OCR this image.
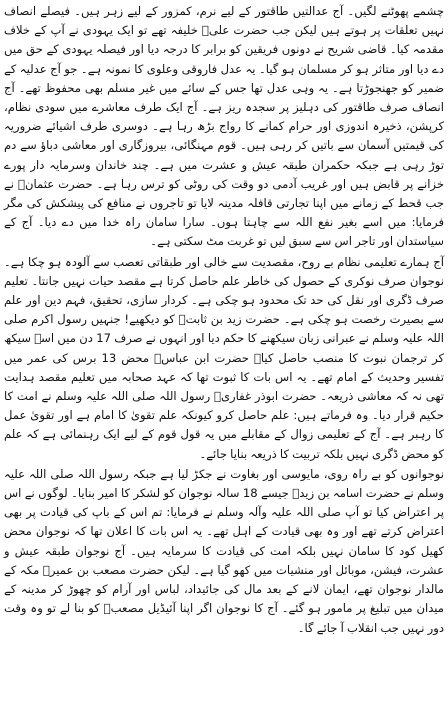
چشمے پھوٹنے لگیں۔ آج عدالتیں طاقتور کے لیے نرم، کمزور کے لیے زہر ہیں۔ فیصلے انصاف نہیں تعلقات پر ہوتے ہیں لیکن جب حضرت علیؓ خلیفہ تھے تو ایک یہودی نے آپ کے خلاف مقدمہ کیا۔ قاضی شریح نے دونوں فریقین کو برابر کا درجہ دیا اور فیصلہ یہودی کے حق میں دے دیا اور متاثر ہو کر مسلمان ہو گیا۔ یہ عدل فاروقی وعلوی کا نمونہ ہے۔ جو آج عدلیہ کے ضمیر کو جھنجوڑتا ہے۔ یہ وہی عدل تھا جس کے سائے میں غیر مسلم بھی محفوظ تھے۔ آج انصاف صرف طاقتور کی دہلیز پر سجدہ ریز ہے۔ آج ایک طرف معاشرے میں سودی نظام، کرپشن، ذخیرہ اندوزی اور حرام کمانے کا رواج بڑھ رہا ہے۔ دوسری طرف اشیائے ضروریہ کی قیمتیں آسمان سے باتیں کر رہی ہیں۔ قوم مہنگائی، بیروزگاری اور معاشی دباؤ سے دم توڑ رہی ہے جبکہ حکمران طبقہ عیش و عشرت میں ہے۔ چند خاندان وسرمایہ دار پورے خزانے پر قابض ہیں اور غریب آدمی دو وقت کی روٹی کو ترس رہا ہے۔ حضرت عثمانؓ نے جب قحط کے زمانے میں اپنا تجارتی قافلہ مدینہ لایا تو تاجروں نے منافع کی پیشکش کی مگر فرمایا: میں اسے بغیر نفع اللہ سے چاہتا ہوں۔ سارا سامان راہ خدا میں دے دیا۔ آج کے سیاستدان اور تاجر اس سے سبق لیں تو غربت مٹ سکتی ہے۔

آج ہمارے تعلیمی نظام بے روح، مقصدیت سے خالی اور طبقاتی تعصب سے آلودہ ہو چکا ہے۔ نوجوان صرف نوکری کے حصول کی خاطر علم حاصل کرتا ہے مقصد حیات نہیں جانتا۔ تعلیم صرف ڈگری اور نقل کی حد تک محدود ہو چکی ہے۔ کردار سازی، تحقیق، فہم دین اور علم سے بصیرت رخصت ہو چکی ہے۔ حضرت زید بن ثابتؓ کو دیکھیے! جنہیں رسول اکرم صلی اللہ علیہ وسلم نے عبرانی زبان سیکھنے کا حکم دیا اور انہوں نے صرف 17 دن میں اسے سیکھ کر ترجمان نبوت کا منصب حاصل کیا۔ حضرت ابن عباسؓ محض 13 برس کی عمر میں تفسیر وحدیث کے امام تھے۔ یہ اس بات کا ثبوت تھا کہ عہد صحابہ میں تعلیم مقصد ہدایت تھی نہ کہ معاشی ذریعہ۔ حضرت ابوذر غفاریؓ رسول اللہ صلی اللہ علیہ وسلم نے امت کا حکیم قرار دیا۔ وہ فرماتے ہیں: علم حاصل کرو کیونکہ علم تقویٰ کا امام ہے اور تقویٰ عمل کا رہبر ہے۔ آج کے تعلیمی زوال کے مقابلے میں یہ قول قوم کے لیے ایک رہنمائی ہے کہ علم کو محض ڈگری نہیں بلکہ تربیت کا ذریعہ بنایا جائے۔

نوجوانوں کو بے راہ روی، مایوسی اور بغاوت نے جکڑ لیا ہے جبکہ رسول اللہ صلی اللہ علیہ وسلم نے حضرت اسامہ بن زیدؓ جیسے 18 سالہ نوجوان کو لشکر کا امیر بنایا۔ لوگوں نے اس پر اعتراض کیا تو آپ صلی اللہ علیہ وآلہ وسلم نے فرمایا: تم اس کے باپ کی قیادت پر بھی اعتراض کرتے تھے اور وہ بھی قیادت کے اہل تھے۔ یہ اس بات کا اعلان تھا کہ نوجوان محض کھیل کود کا سامان نہیں بلکہ امت کی قیادت کا سرمایہ ہیں۔ آج نوجوان طبقہ عیش و عشرت، فیشن، موبائل اور منشیات میں کھو گیا ہے۔ لیکن حضرت مصعب بن عمیرؓ مکہ کے مالدار نوجوان تھے، ایمان لانے کے بعد مال کی جائیداد، لباس اور آرام کو چھوڑ کر مدینہ کے میدان میں تبلیغ پر مامور ہو گئے۔ آج کا نوجوان اگر اپنا آئیڈیل مصعبؓ کو بنا لے تو وہ وقت دور نہیں جب انقلاب آ جائے گا۔
